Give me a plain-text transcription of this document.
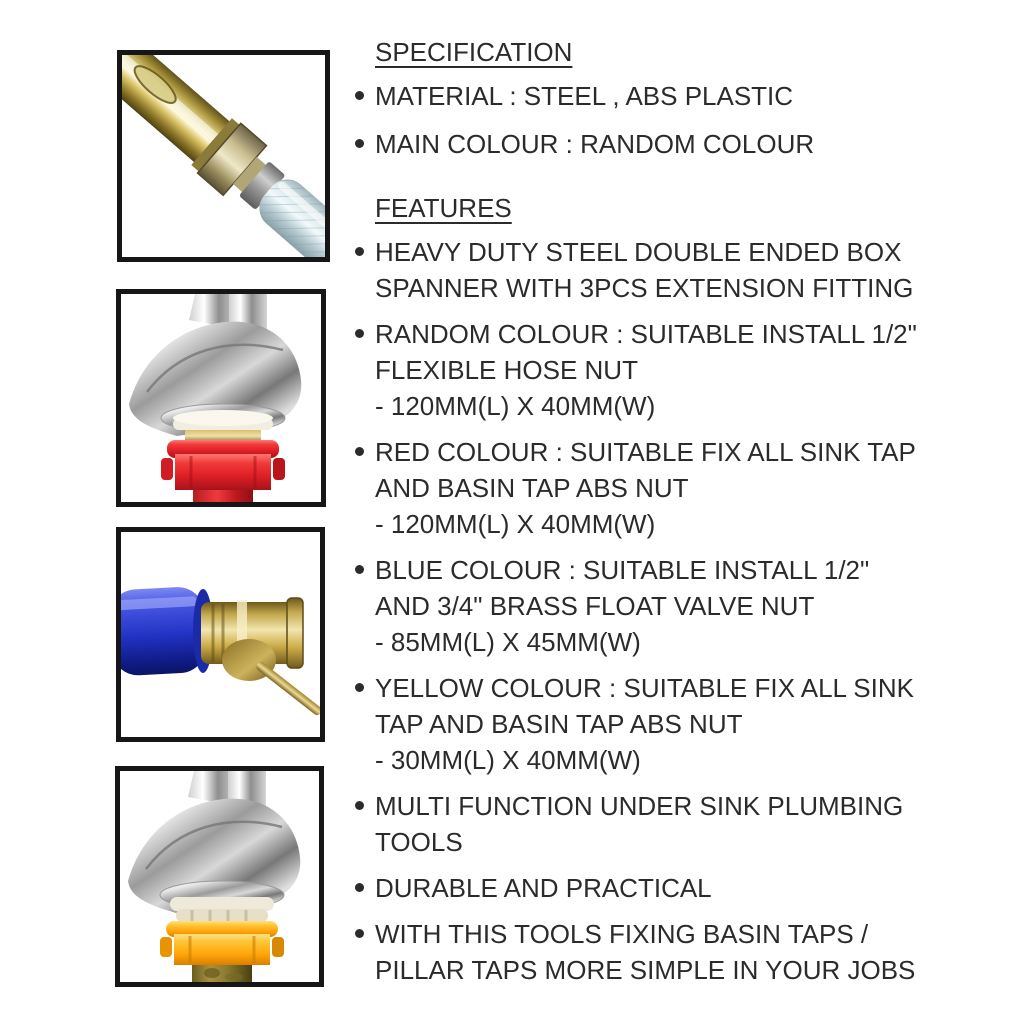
SPECIFICATION
MATERIAL : STEEL , ABS PLASTIC
MAIN COLOUR : RANDOM COLOUR
FEATURES
HEAVY DUTY STEEL DOUBLE ENDED BOX
SPANNER WITH 3PCS EXTENSION FITTING
RANDOM COLOUR : SUITABLE INSTALL 1/2"
FLEXIBLE HOSE NUT
- 120MM(L) X 40MM(W)
RED COLOUR : SUITABLE FIX ALL SINK TAP
AND BASIN TAP ABS NUT
- 120MM(L) X 40MM(W)
BLUE COLOUR : SUITABLE INSTALL 1/2"
AND 3/4" BRASS FLOAT VALVE NUT
- 85MM(L) X 45MM(W)
YELLOW COLOUR : SUITABLE FIX ALL SINK
TAP AND BASIN TAP ABS NUT
- 30MM(L) X 40MM(W)
MULTI FUNCTION UNDER SINK PLUMBING
TOOLS
DURABLE AND PRACTICAL
WITH THIS TOOLS FIXING BASIN TAPS /
PILLAR TAPS MORE SIMPLE IN YOUR JOBS
